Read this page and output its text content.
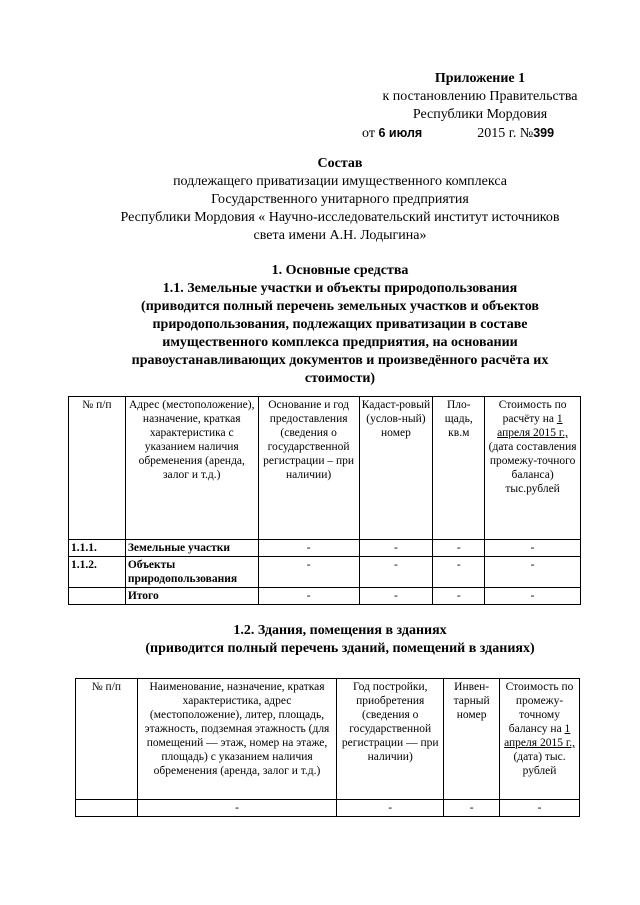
Приложение 1
к постановлению Правительства
Республики Мордовия
от 6 июля	2015 г. №399
Состав
подлежащего приватизации имущественного комплекса
Государственного унитарного предприятия
Республики Мордовия « Научно-исследовательский институт источников
света имени А.Н. Лодыгина»
1. Основные средства
1.1. Земельные участки и объекты природопользования
(приводится полный перечень земельных участков и объектов
природопользования, подлежащих приватизации в составе
имущественного комплекса предприятия, на основании
правоустанавливающих документов и произведённого расчёта их
стоимости)
№ п/п	Адрес (местоположение), назначение, краткая характеристика с указанием наличия обременения (аренда, залог и т.д.)	Основание и год предоставления (сведения о государственной регистрации – при наличии)	Кадаст-ровый (услов-ный) номер	Пло-щадь, кв.м	Стоимость по расчёту на 1 апреля 2015 г., (дата составления промежу-точного баланса) тыс.рублей
1.1.1.	Земельные участки	-	-	-	-
1.1.2.	Объекты природопользования	-	-	-	-
	Итого	-	-	-	-
1.2. Здания, помещения в зданиях
(приводится полный перечень зданий, помещений в зданиях)
№ п/п	Наименование, назначение, краткая характеристика, адрес (местоположение), литер, площадь, этажность, подземная этажность (для помещений — этаж, номер на этаже, площадь) с указанием наличия обременения (аренда, залог и т.д.)	Год постройки, приобретения (сведения о государственной регистрации — при наличии)	Инвен-тарный номер	Стоимость по промежу-точному балансу на 1 апреля 2015 г., (дата) тыс. рублей
	-	-	-	-
